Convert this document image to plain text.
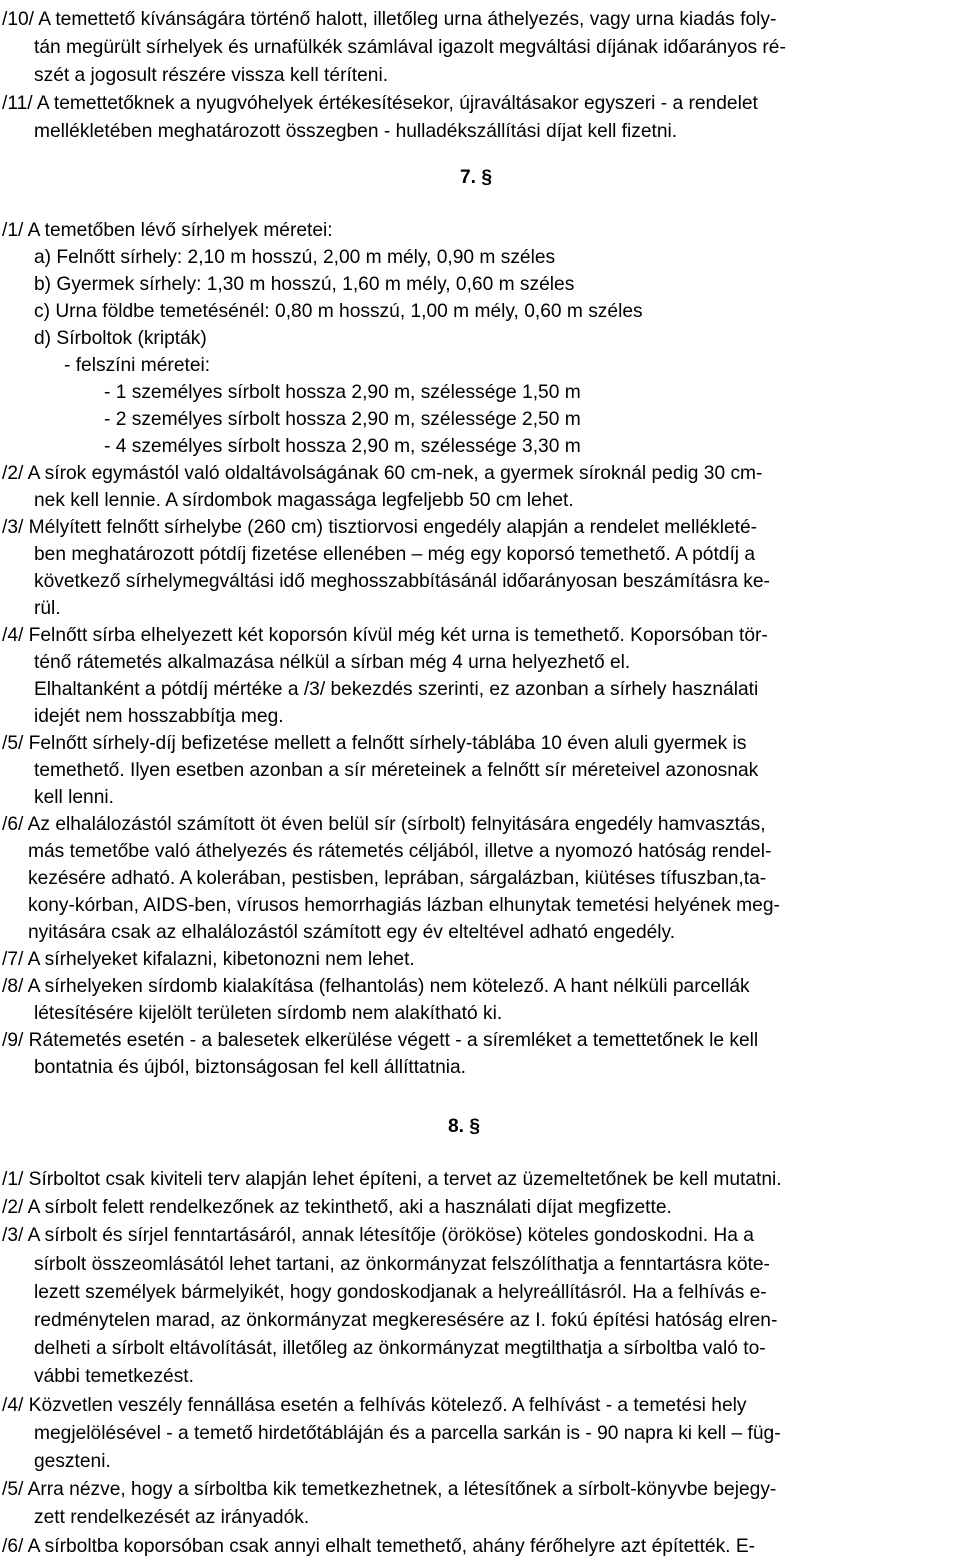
/10/ A temettető kívánságára történő halott, illetőleg urna áthelyezés, vagy urna kiadás foly-
tán megürült sírhelyek és urnafülkék számlával igazolt megváltási díjának időarányos ré-
szét a jogosult részére vissza kell téríteni.
/11/ A temettetőknek a nyugvóhelyek értékesítésekor, újraváltásakor egyszeri - a rendelet
mellékletében meghatározott összegben - hulladékszállítási díjat kell fizetni.
7. §
/1/ A temetőben lévő sírhelyek méretei:
a) Felnőtt sírhely: 2,10 m hosszú, 2,00 m mély, 0,90 m széles
b) Gyermek sírhely: 1,30 m hosszú, 1,60 m mély, 0,60 m széles
c) Urna földbe temetésénél: 0,80 m hosszú, 1,00 m mély, 0,60 m széles
d) Sírboltok (kripták)
- felszíni méretei:
- 1 személyes sírbolt hossza 2,90 m, szélessége 1,50 m
- 2 személyes sírbolt hossza 2,90 m, szélessége 2,50 m
- 4 személyes sírbolt hossza 2,90 m, szélessége 3,30 m
/2/ A sírok egymástól való oldaltávolságának 60 cm-nek, a gyermek síroknál pedig 30 cm-
nek kell lennie. A sírdombok magassága legfeljebb 50 cm lehet.
/3/ Mélyített felnőtt sírhelybe (260 cm) tisztiorvosi engedély alapján a rendelet mellékleté-
ben meghatározott pótdíj fizetése ellenében – még egy koporsó temethető. A pótdíj a
következő sírhelymegváltási idő meghosszabbításánál időarányosan beszámításra ke-
rül.
/4/ Felnőtt sírba elhelyezett két koporsón kívül még két urna is temethető. Koporsóban tör-
ténő rátemetés alkalmazása nélkül a sírban még 4 urna helyezhető el.
Elhaltanként a pótdíj mértéke a /3/ bekezdés szerinti, ez azonban a sírhely használati
idejét nem hosszabbítja meg.
/5/ Felnőtt sírhely-díj befizetése mellett a felnőtt sírhely-táblába 10 éven aluli gyermek is
temethető. Ilyen esetben azonban a sír méreteinek a felnőtt sír méreteivel azonosnak
kell lenni.
/6/ Az elhalálozástól számított öt éven belül sír (sírbolt) felnyitására engedély hamvasztás,
más temetőbe való áthelyezés és rátemetés céljából, illetve a nyomozó hatóság rendel-
kezésére adható. A kolerában, pestisben, leprában, sárgalázban, kiütéses tífuszban,ta-
kony-kórban, AIDS-ben, vírusos hemorrhagiás lázban elhunytak temetési helyének meg-
nyitására csak az elhalálozástól számított egy év elteltével adható engedély.
/7/ A sírhelyeket kifalazni, kibetonozni nem lehet.
/8/ A sírhelyeken sírdomb kialakítása (felhantolás) nem kötelező. A hant nélküli parcellák
létesítésére kijelölt területen sírdomb nem alakítható ki.
/9/ Rátemetés esetén - a balesetek elkerülése végett - a síremléket a temettetőnek le kell
bontatnia és újból, biztonságosan fel kell állíttatnia.
8. §
/1/ Sírboltot csak kiviteli terv alapján lehet építeni, a tervet az üzemeltetőnek be kell mutatni.
/2/ A sírbolt felett rendelkezőnek az tekinthető, aki a használati díjat megfizette.
/3/ A sírbolt és sírjel fenntartásáról, annak létesítője (örököse) köteles gondoskodni. Ha a
sírbolt összeomlásától lehet tartani, az önkormányzat felszólíthatja a fenntartásra köte-
lezett személyek bármelyikét, hogy gondoskodjanak a helyreállításról. Ha a felhívás e-
redménytelen marad, az önkormányzat megkeresésére az I. fokú építési hatóság elren-
delheti a sírbolt eltávolítását, illetőleg az önkormányzat megtilthatja a sírboltba való to-
vábbi temetkezést.
/4/ Közvetlen veszély fennállása esetén a felhívás kötelező. A felhívást - a temetési hely
megjelölésével - a temető hirdetőtábláján és a parcella sarkán is - 90 napra ki kell – füg-
geszteni.
/5/ Arra nézve, hogy a sírboltba kik temetkezhetnek, a létesítőnek a sírbolt-könyvbe bejegy-
zett rendelkezését az irányadók.
/6/ A sírboltba koporsóban csak annyi elhalt temethető, ahány férőhelyre azt építették. E-
